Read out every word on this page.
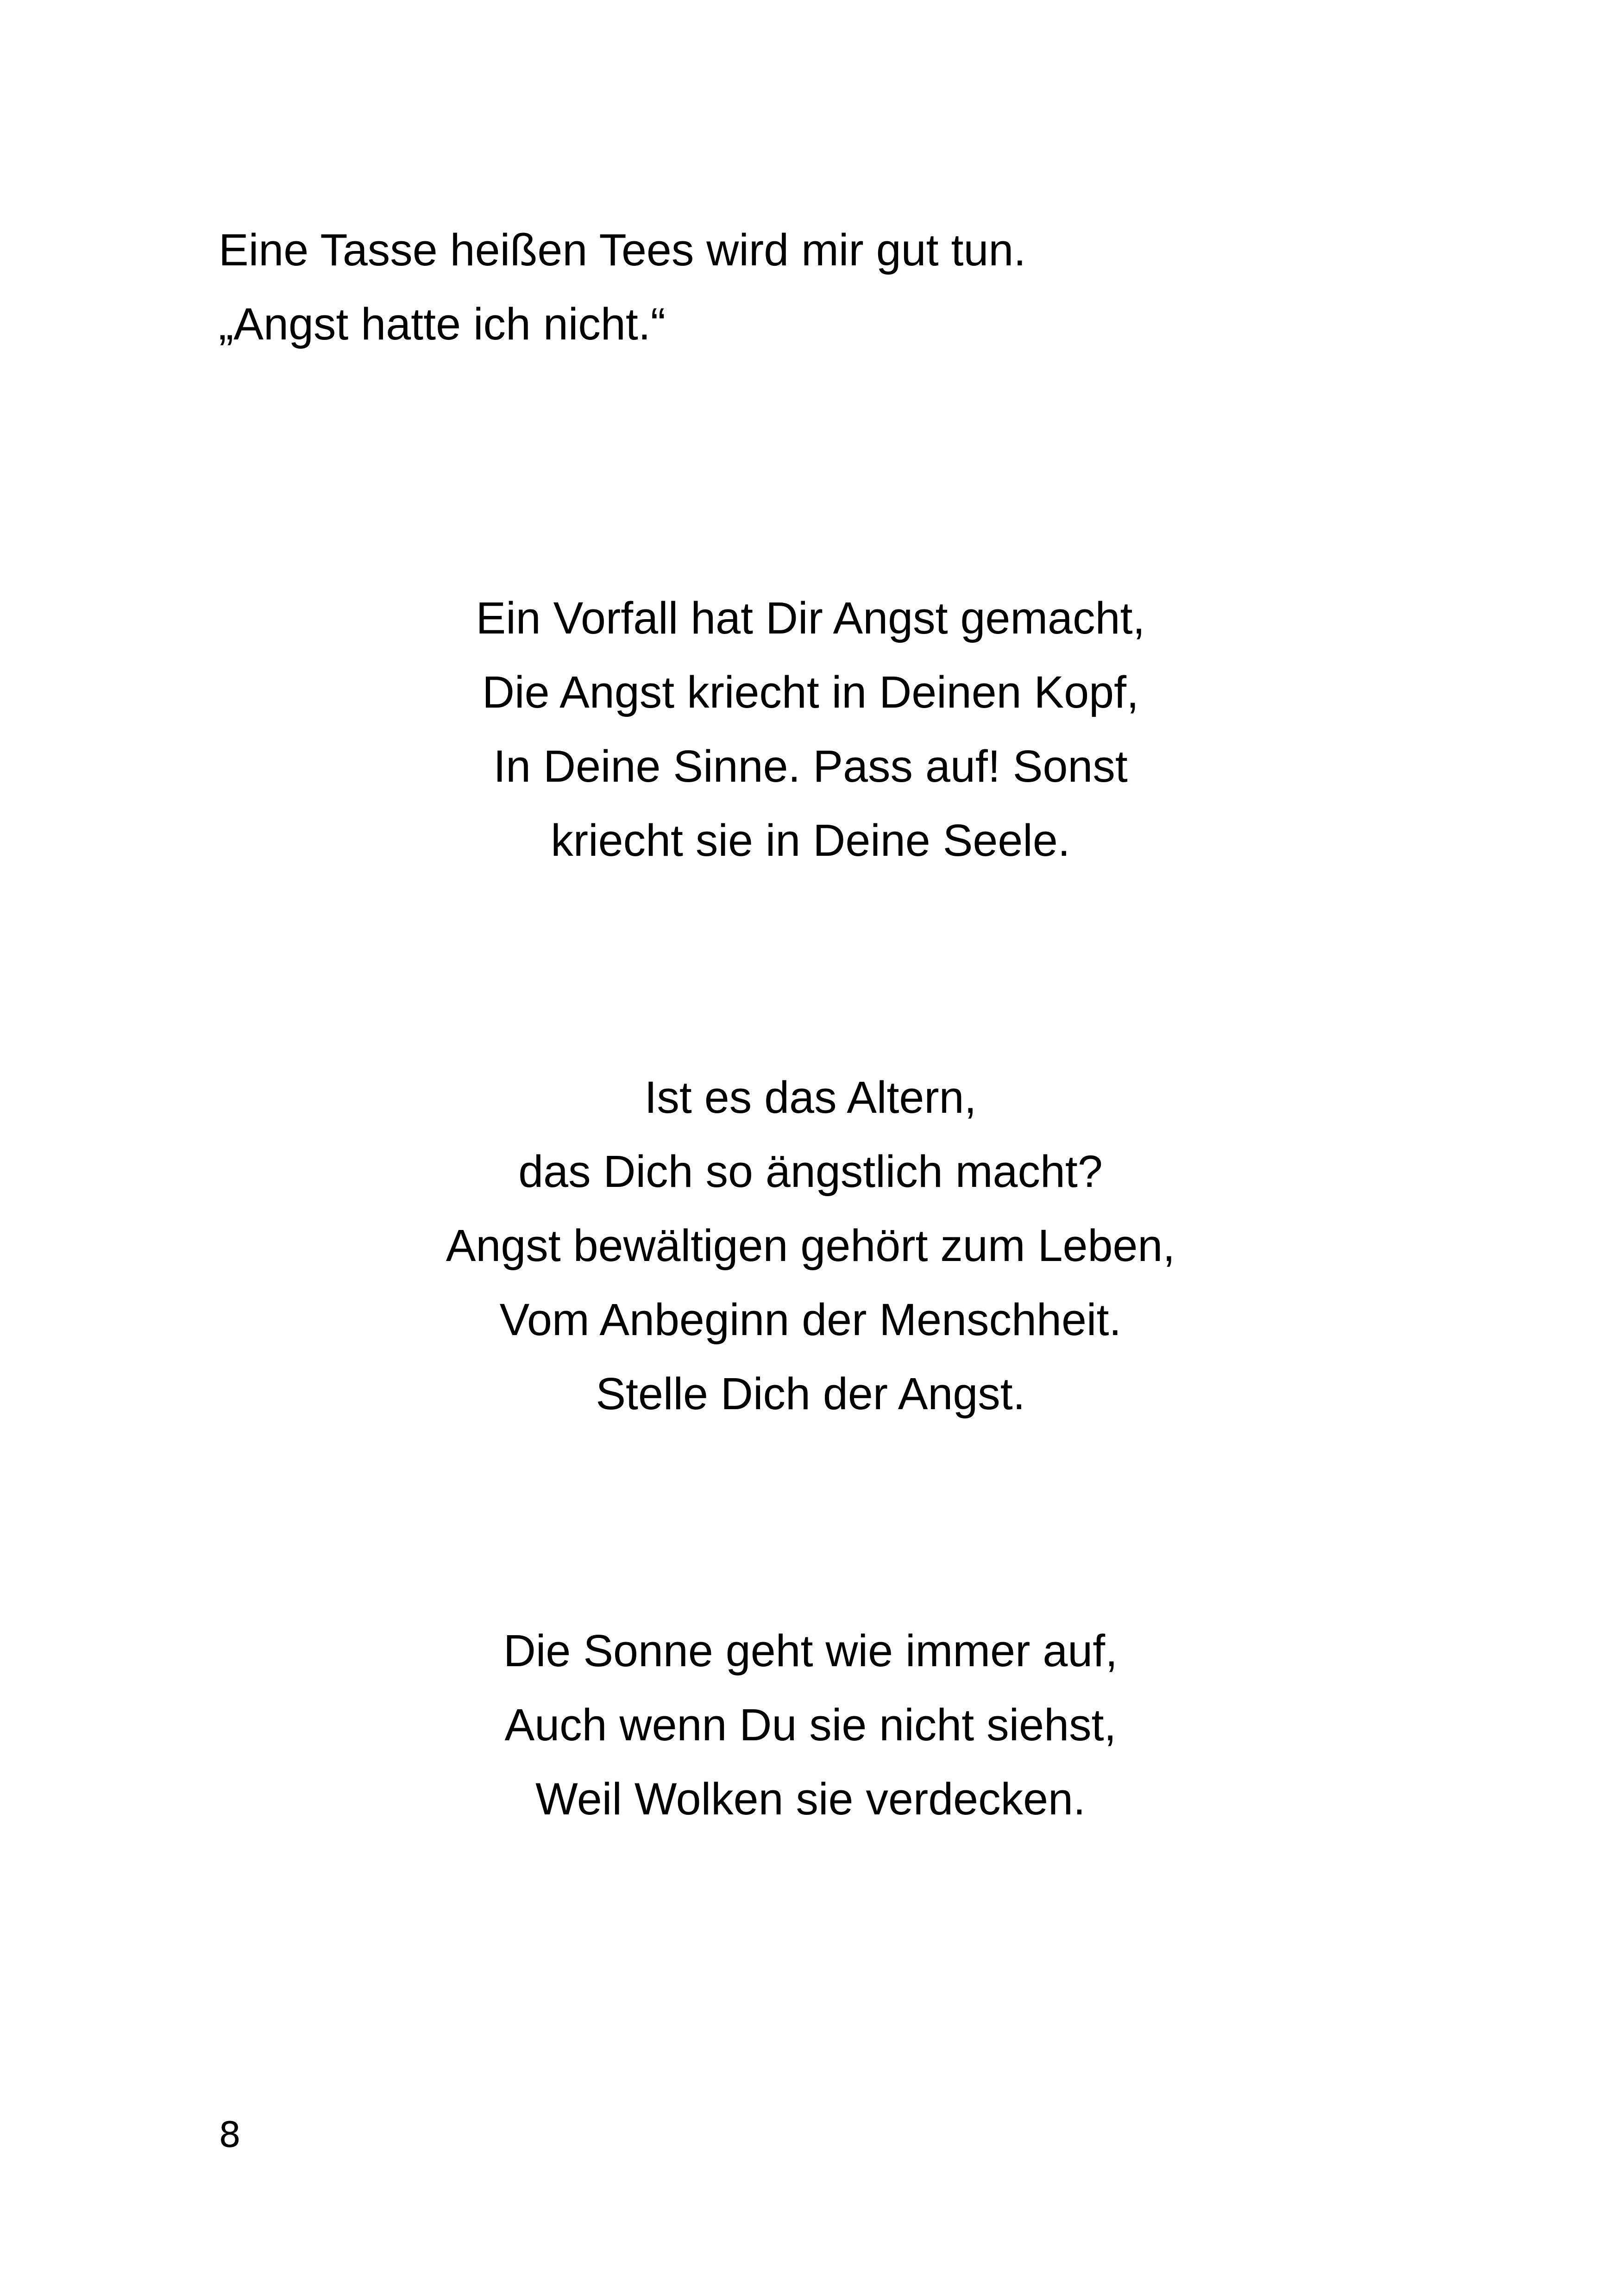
Eine Tasse heißen Tees wird mir gut tun.

„Angst hatte ich nicht.“

Ein Vorfall hat Dir Angst gemacht,

Die Angst kriecht in Deinen Kopf,

In Deine Sinne. Pass auf! Sonst

kriecht sie in Deine Seele.

Ist es das Altern,

das Dich so ängstlich macht?

Angst bewältigen gehört zum Leben,

Vom Anbeginn der Menschheit.

Stelle Dich der Angst.

Die Sonne geht wie immer auf,

Auch wenn Du sie nicht siehst,

Weil Wolken sie verdecken.

8
